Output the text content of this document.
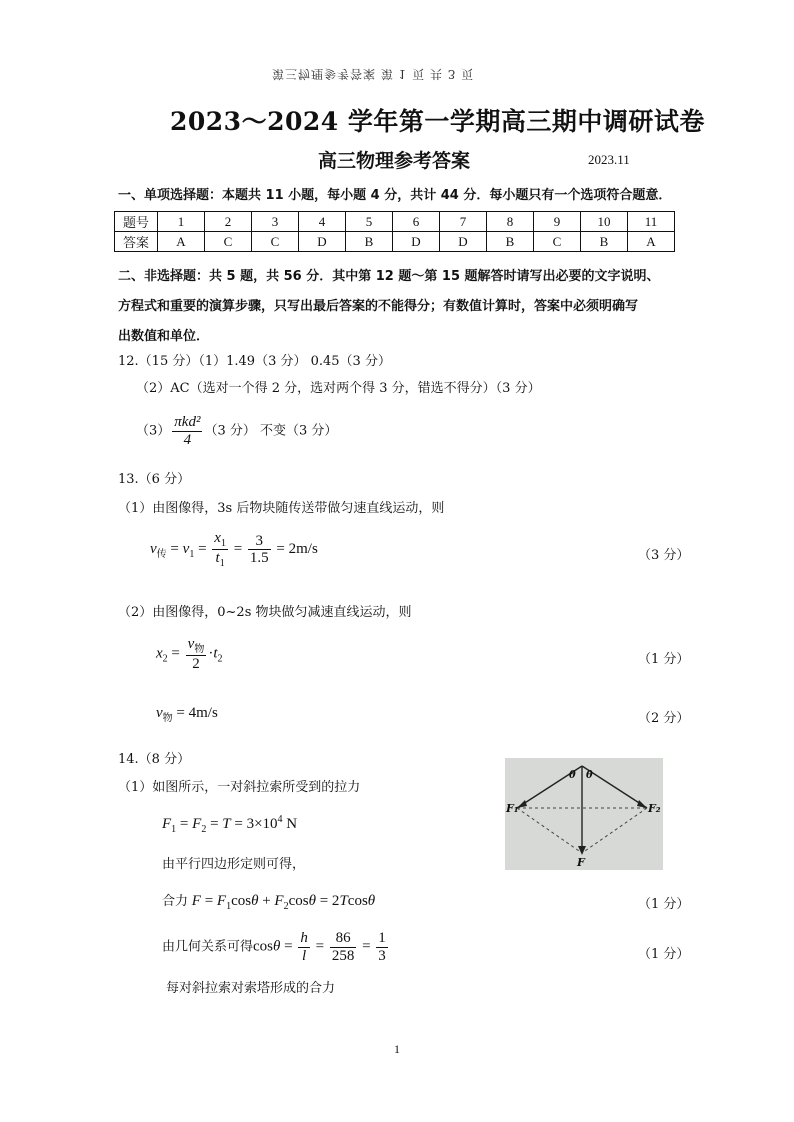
第三物理参考答案 第 1 页 共 3 页
2023～2024 学年第一学期高三期中调研试卷
高三物理参考答案	2023.11
一、单项选择题：本题共 11 小题，每小题 4 分，共计 44 分．每小题只有一个选项符合题意．
题号	1	2	3	4	5	6	7	8	9	10	11
答案	A	C	C	D	B	D	D	B	C	B	A
二、非选择题：共 5 题，共 56 分．其中第 12 题～第 15 题解答时请写出必要的文字说明、
方程式和重要的演算步骤，只写出最后答案的不能得分；有数值计算时，答案中必须明确写
出数值和单位．
12.（15 分）（1）1.49（3 分） 0.45（3 分）
（2）AC（选对一个得 2 分，选对两个得 3 分，错选不得分）（3 分）
$(3) \frac{\text{πkd²}}{4} (3$ 分） 不变（3 分）
13.（6 分）
（1）由图像得，3s 后物块随传送带做匀速直线运动，则
$v_传 = v_1 = \frac{x_1}{t_1} = \frac{3}{1.5} = 2m/s$	（3 分）
（2）由图像得，0~2s 物块做匀减速直线运动，则
$x_2 = \frac{v_物}{2} \cdot t_2$	（1 分）
$v_物 = 4m/s$	（2 分）
14.（8 分）
（1）如图所示，一对斜拉索所受到的拉力
$F_1 = F_2 = T = 3\times 10^4$ N
由平行四边形定则可得，
合力 $F = F_1\cos\theta + F_2\cos\theta = 2Tcos\theta$	（1 分）
由几何关系可得$\cos\theta = \frac{h}{l} = \frac{86}{258} = \frac{1}{3}$	（1 分）
每对斜拉索对索塔形成的合力
F₁	F₂
F
θ θ
1
